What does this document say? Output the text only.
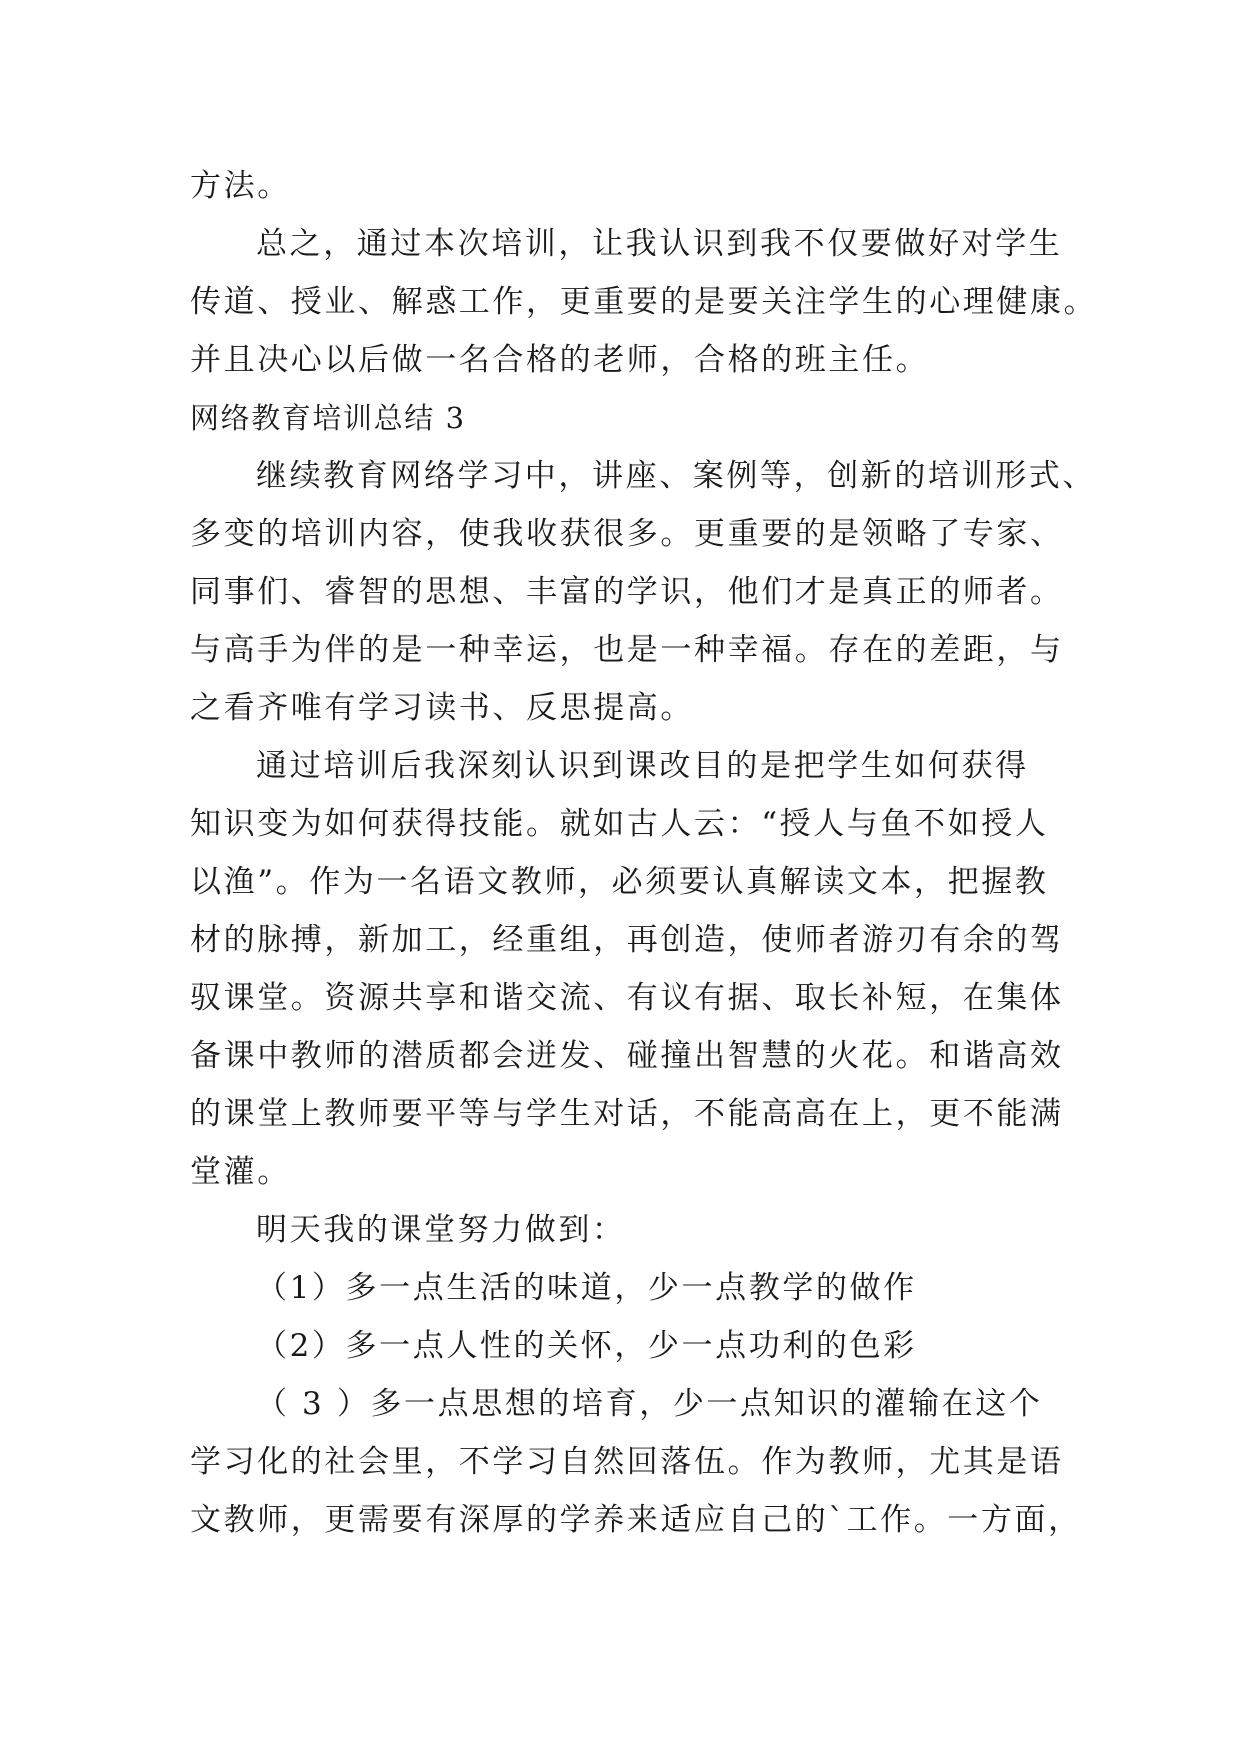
方法。
总之，通过本次培训，让我认识到我不仅要做好对学生
传道、授业、解惑工作，更重要的是要关注学生的心理健康。
并且决心以后做一名合格的老师，合格的班主任。
网络教育培训总结 3
继续教育网络学习中，讲座、案例等，创新的培训形式、
多变的培训内容，使我收获很多。更重要的是领略了专家、
同事们、睿智的思想、丰富的学识，他们才是真正的师者。
与高手为伴的是一种幸运，也是一种幸福。存在的差距，与
之看齐唯有学习读书、反思提高。
通过培训后我深刻认识到课改目的是把学生如何获得
知识变为如何获得技能。就如古人云：“授人与鱼不如授人
以渔”。作为一名语文教师，必须要认真解读文本，把握教
材的脉搏，新加工，经重组，再创造，使师者游刃有余的驾
驭课堂。资源共享和谐交流、有议有据、取长补短，在集体
备课中教师的潜质都会迸发、碰撞出智慧的火花。和谐高效
的课堂上教师要平等与学生对话，不能高高在上，更不能满
堂灌。
明天我的课堂努力做到：
（1）多一点生活的味道，少一点教学的做作
（2）多一点人性的关怀，少一点功利的色彩
（ 3 ）多一点思想的培育，少一点知识的灌输在这个
学习化的社会里，不学习自然回落伍。作为教师，尤其是语
文教师，更需要有深厚的学养来适应自己的`工作。一方面，
